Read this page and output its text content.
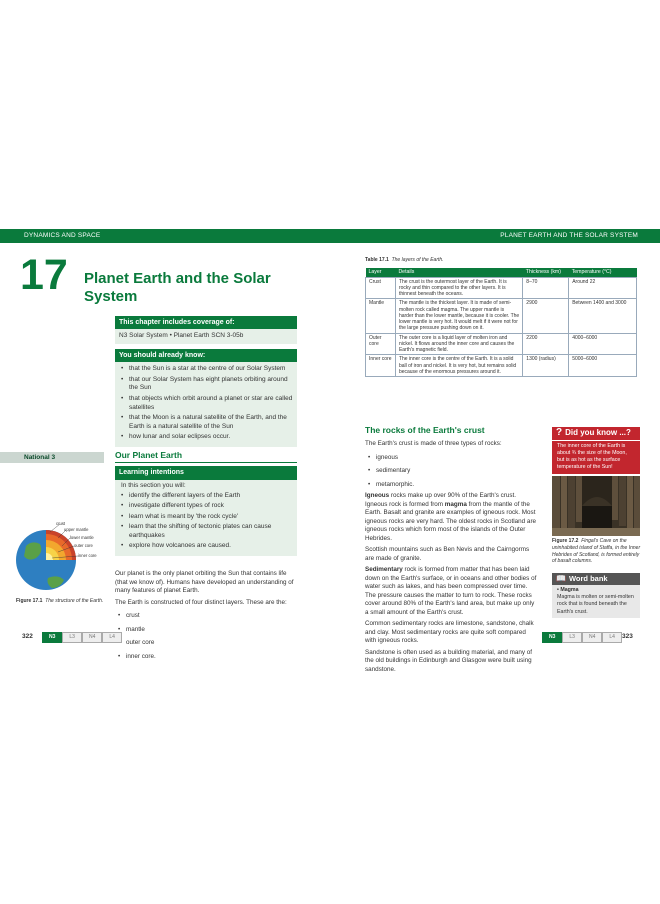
DYNAMICS AND SPACE	PLANET EARTH AND THE SOLAR SYSTEM
17 Planet Earth and the Solar System
This chapter includes coverage of:
N3 Solar System • Planet Earth SCN 3-05b
You should already know:
• that the Sun is a star at the centre of our Solar System
• that our Solar System has eight planets orbiting around the Sun
• that objects which orbit around a planet or star are called satellites
• that the Moon is a natural satellite of the Earth, and the Earth is a natural satellite of the Sun
• how lunar and solar eclipses occur.
National 3	Our Planet Earth
Learning intentions
In this section you will:
• identify the different layers of the Earth
• investigate different types of rock
• learn what is meant by 'the rock cycle'
• learn that the shifting of tectonic plates can cause earthquakes
• explore how volcanoes are caused.

Our planet is the only planet orbiting the Sun that contains life (that we know of). Humans have developed an understanding of many features of planet Earth.

The Earth is constructed of four distinct layers. These are the:

• crust
• mantle
• outer core
• inner core.
crust
upper mantle
lower mantle
outer core
inner core
Figure 17.1 The structure of the Earth.
Table 17.1 The layers of the Earth.
Layer	Details	Thickness (km)	Temperature (°C)
Crust	The crust is the outermost layer of the Earth. It is rocky and thin compared to the other layers. It is thinnest beneath the oceans.	8–70	Around 22
Mantle	The mantle is the thickest layer. It is made of semi-molten rock called magma. The upper mantle is harder than the lower mantle, because it is cooler. The lower mantle is very hot. It would melt if it were not for the large pressure pushing down on it.	2900	Between 1400 and 3000
Outer core	The outer core is a liquid layer of molten iron and nickel. It flows around the inner core and causes the Earth's magnetic field.	2200	4000–6000
Inner core	The inner core is the centre of the Earth. It is a solid ball of iron and nickel. It is very hot, but remains solid because of the enormous pressures around it.	1300 (radius)	5000–6000
The rocks of the Earth's crust

The Earth's crust is made of three types of rocks:

• igneous
• sedimentary
• metamorphic.

Igneous rocks make up over 90% of the Earth's crust. Igneous rock is formed from magma from the mantle of the Earth. Basalt and granite are examples of igneous rock. Most igneous rocks are very hard. The oldest rocks in Scotland are igneous rocks which form most of the islands of the Outer Hebrides.

Scottish mountains such as Ben Nevis and the Cairngorms are made of granite.

Sedimentary rock is formed from matter that has been laid down on the Earth's surface, or in oceans and other bodies of water such as lakes, and has been compressed over time. The pressure causes the matter to turn to rock. These rocks cover around 80% of the Earth's land area, but make up only a small amount of the Earth's crust.

Common sedimentary rocks are limestone, sandstone, chalk and clay. Most sedimentary rocks are quite soft compared with igneous rocks.

Sandstone is often used as a building material, and many of the old buildings in Edinburgh and Glasgow were built using sandstone.

? Did you know ...?
The inner core of the Earth is about ¾ the size of the Moon, but is as hot as the surface temperature of the Sun!
Figure 17.2 Fingal's Cave on the uninhabited island of Staffa, in the Inner Hebrides of Scotland, is formed entirely of basalt columns.
📖 Word bank
• Magma
Magma is molten or semi-molten rock that is found beneath the Earth's crust.
322	N3	L3	N4	L4	N3	L3	N4	L4	323
